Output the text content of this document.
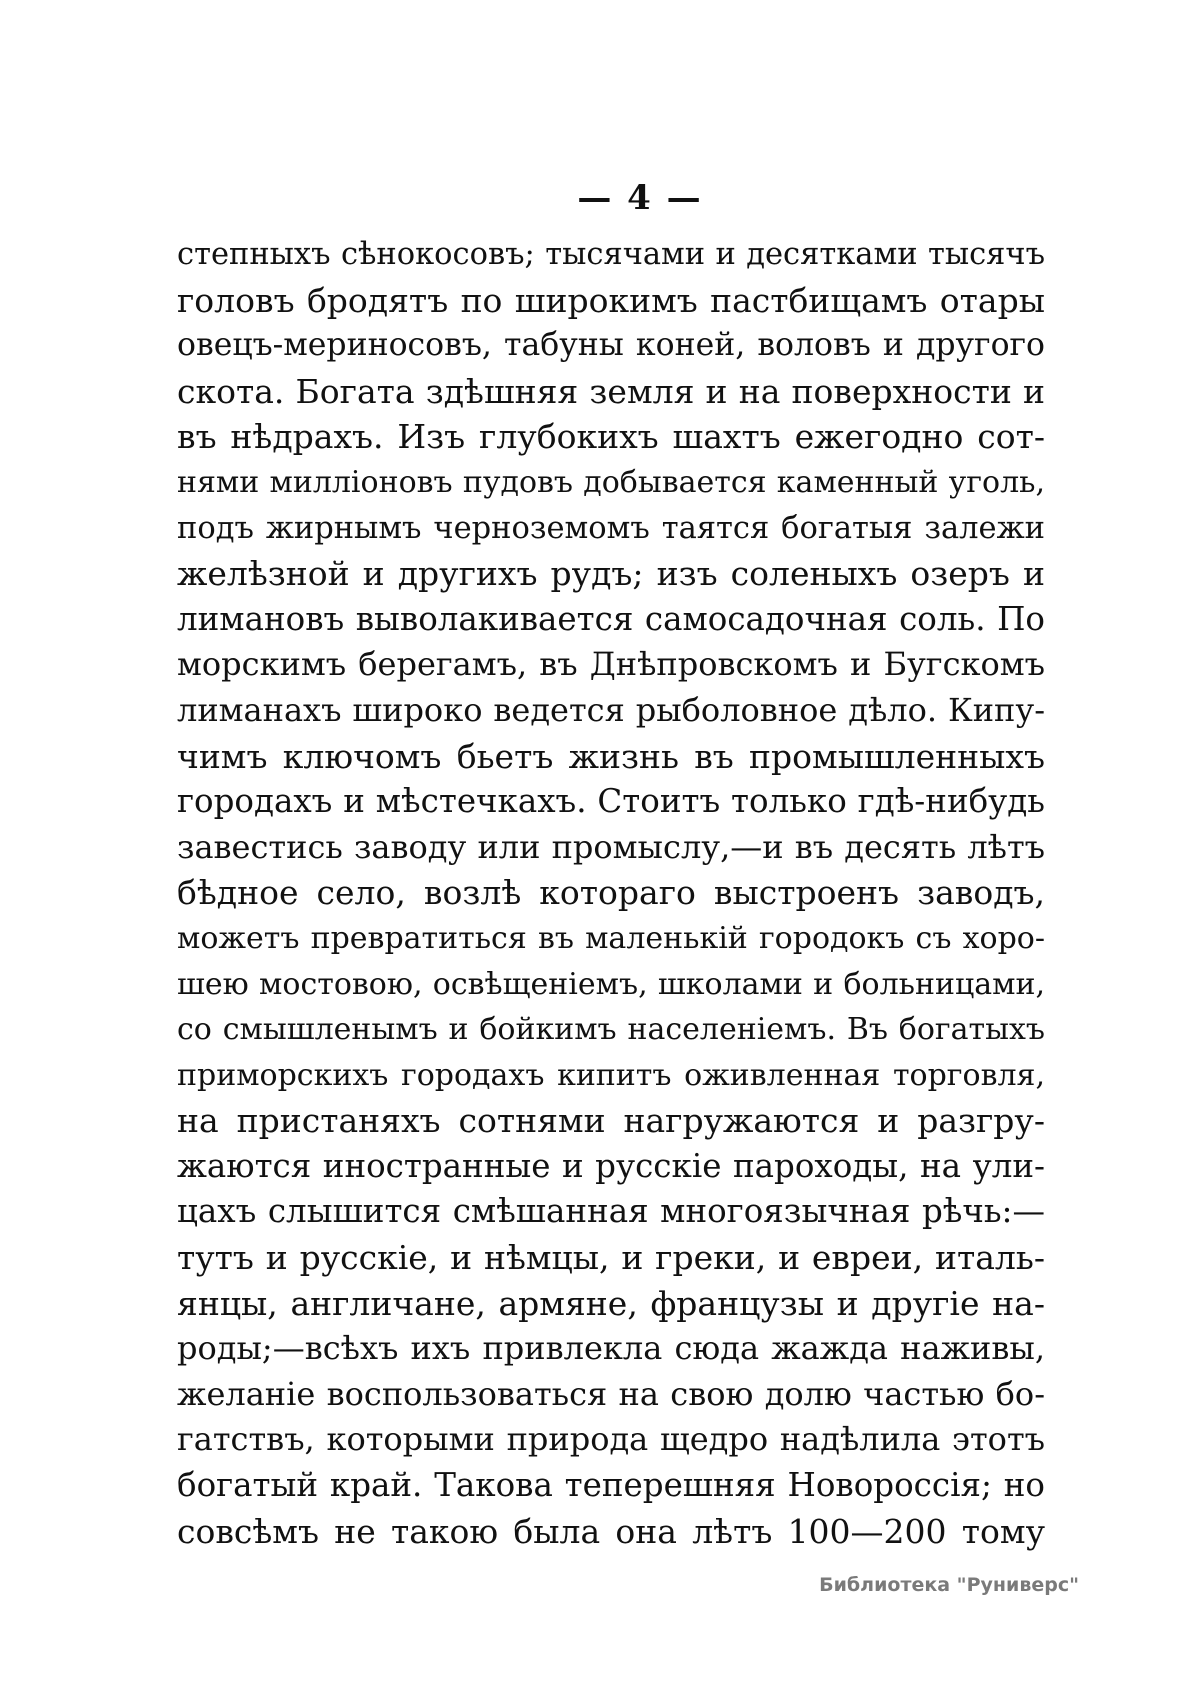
— 4 —
степныхъ сѣнокосовъ; тысячами и десятками тысячъ
головъ бродятъ по широкимъ пастбищамъ отары
овецъ-мериносовъ, табуны коней, воловъ и другого
скота. Богата здѣшняя земля и на поверхности и
въ нѣдрахъ. Изъ глубокихъ шахтъ ежегодно сот-
нями милліоновъ пудовъ добывается каменный уголь,
подъ жирнымъ черноземомъ таятся богатыя залежи
желѣзной и другихъ рудъ; изъ соленыхъ озеръ и
лимановъ выволакивается самосадочная соль. По
морскимъ берегамъ, въ Днѣпровскомъ и Бугскомъ
лиманахъ широко ведется рыболовное дѣло. Кипу-
чимъ ключомъ бьетъ жизнь въ промышленныхъ
городахъ и мѣстечкахъ. Стоитъ только гдѣ-нибудь
завестись заводу или промыслу,—и въ десять лѣтъ
бѣдное село, возлѣ котораго выстроенъ заводъ,
можетъ превратиться въ маленькій городокъ съ хоро-
шею мостовою, освѣщеніемъ, школами и больницами,
со смышленымъ и бойкимъ населеніемъ. Въ богатыхъ
приморскихъ городахъ кипитъ оживленная торговля,
на пристаняхъ сотнями нагружаются и разгру-
жаются иностранные и русскіе пароходы, на ули-
цахъ слышится смѣшанная многоязычная рѣчь:—
тутъ и русскіе, и нѣмцы, и греки, и евреи, италь-
янцы, англичане, армяне, французы и другіе на-
роды;—всѣхъ ихъ привлекла сюда жажда наживы,
желаніе воспользоваться на свою долю частью бо-
гатствъ, которыми природа щедро надѣлила этотъ
богатый край. Такова теперешняя Новороссія; но
совсѣмъ не такою была она лѣтъ 100—200 тому
Библиотека "Руниверс"
